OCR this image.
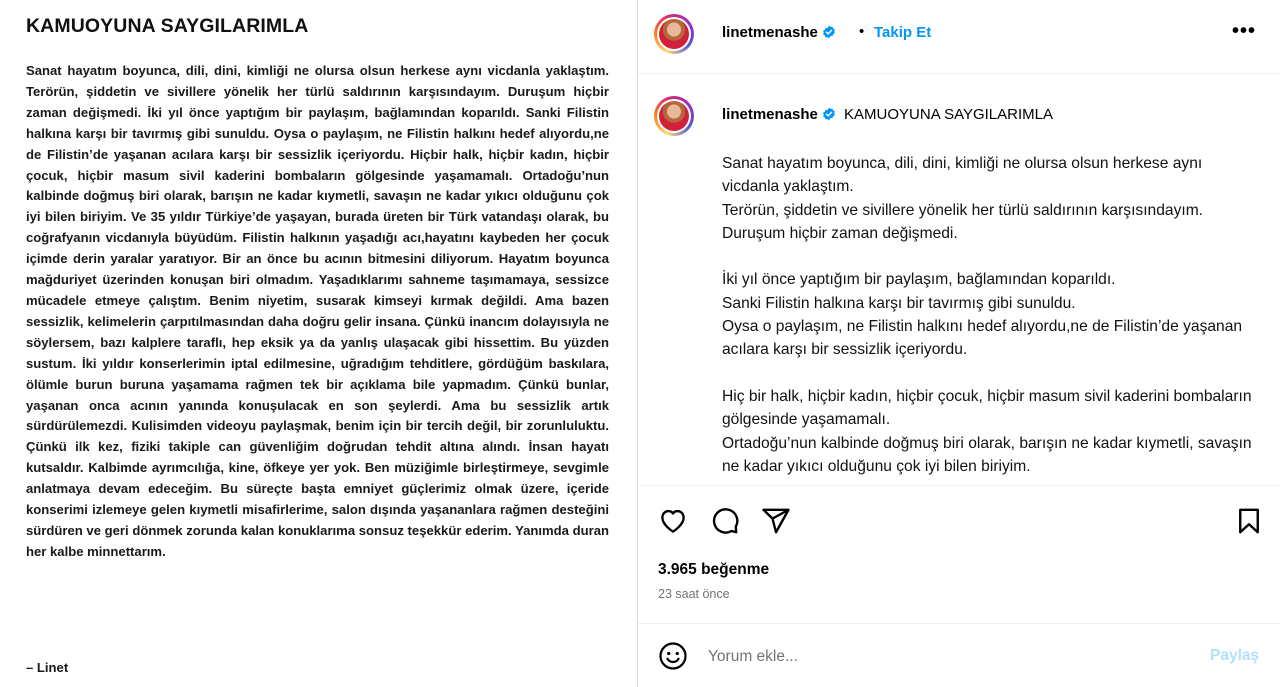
KAMUOYUNA SAYGILARIMLA
Sanat hayatım boyunca, dili, dini, kimliği ne olursa olsun herkese aynı vicdanla yaklaştım. Terörün, şiddetin ve sivillere yönelik her türlü saldırının karşısındayım. Duruşum hiçbir zaman değişmedi. İki yıl önce yaptığım bir paylaşım, bağlamından koparıldı. Sanki Filistin halkına karşı bir tavırmış gibi sunuldu. Oysa o paylaşım, ne Filistin halkını hedef alıyordu,ne de Filistin’de yaşanan acılara karşı bir sessizlik içeriyordu. Hiçbir halk, hiçbir kadın, hiçbir çocuk, hiçbir masum sivil kaderini bombaların gölgesinde yaşamamalı. Ortadoğu’nun kalbinde doğmuş biri olarak, barışın ne kadar kıymetli, savaşın ne kadar yıkıcı olduğunu çok iyi bilen biriyim. Ve 35 yıldır Türkiye’de yaşayan, burada üreten bir Türk vatandaşı olarak, bu coğrafyanın vicdanıyla büyüdüm. Filistin halkının yaşadığı acı,hayatını kaybeden her çocuk içimde derin yaralar yaratıyor. Bir an önce bu acının bitmesini diliyorum. Hayatım boyunca mağduriyet üzerinden konuşan biri olmadım. Yaşadıklarımı sahneme taşımamaya, sessizce mücadele etmeye çalıştım. Benim niyetim, susarak kimseyi kırmak değildi. Ama bazen sessizlik, kelimelerin çarpıtılmasından daha doğru gelir insana. Çünkü inancım dolayısıyla ne söylersem, bazı kalplere taraflı, hep eksik ya da yanlış ulaşacak gibi hissettim. Bu yüzden sustum. İki yıldır konserlerimin iptal edilmesine, uğradığım tehditlere, gördüğüm baskılara, ölümle burun buruna yaşamama rağmen tek bir açıklama bile yapmadım. Çünkü bunlar, yaşanan onca acının yanında konuşulacak en son şeylerdi. Ama bu sessizlik artık sürdürülemezdi. Kulisimden videoyu paylaşmak, benim için bir tercih değil, bir zorunluluktu. Çünkü ilk kez, fiziki takiple can güvenliğim doğrudan tehdit altına alındı. İnsan hayatı kutsaldır. Kalbimde ayrımcılığa, kine, öfkeye yer yok. Ben müziğimle birleştirmeye, sevgimle anlatmaya devam edeceğim. Bu süreçte başta emniyet güçlerimiz olmak üzere, içeride konserimi izlemeye gelen kıymetli misafirlerime, salon dışında yaşananlara rağmen desteğini sürdüren ve geri dönmek zorunda kalan konuklarıma sonsuz teşekkür ederim. Yanımda duran her kalbe minnettarım.
– Linet
linetmenashe	• Takip Et	•••
linetmenashe KAMUOYUNA SAYGILARIMLA
Sanat hayatım boyunca, dili, dini, kimliği ne olursa olsun herkese aynı vicdanla yaklaştım.
Terörün, şiddetin ve sivillere yönelik her türlü saldırının karşısındayım.
Duruşum hiçbir zaman değişmedi.

İki yıl önce yaptığım bir paylaşım, bağlamından koparıldı.
Sanki Filistin halkına karşı bir tavırmış gibi sunuldu.
Oysa o paylaşım, ne Filistin halkını hedef alıyordu,ne de Filistin’de yaşanan acılara karşı bir sessizlik içeriyordu.

Hiç bir halk, hiçbir kadın, hiçbir çocuk, hiçbir masum sivil kaderini bombaların gölgesinde yaşamamalı.
Ortadoğu’nun kalbinde doğmuş biri olarak, barışın ne kadar kıymetli, savaşın ne kadar yıkıcı olduğunu çok iyi bilen biriyim.
3.965 beğenme
23 saat önce
Yorum ekle...
Paylaş
